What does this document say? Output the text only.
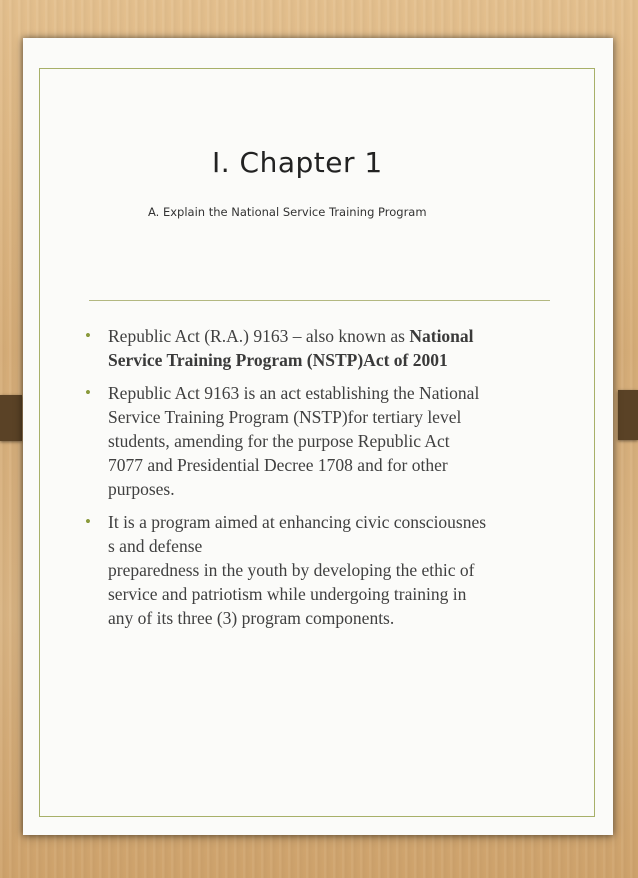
I. Chapter 1
A. Explain the National Service Training Program
• Republic Act (R.A.) 9163 – also known as National
Service Training Program (NSTP)Act of 2001
• Republic Act 9163 is an act establishing the National
Service Training Program (NSTP)for tertiary level
students, amending for the purpose Republic Act
7077 and Presidential Decree 1708 and for other
purposes.
• It is a program aimed at enhancing civic consciousnes
s and defense
preparedness in the youth by developing the ethic of
service and patriotism while undergoing training in
any of its three (3) program components.
